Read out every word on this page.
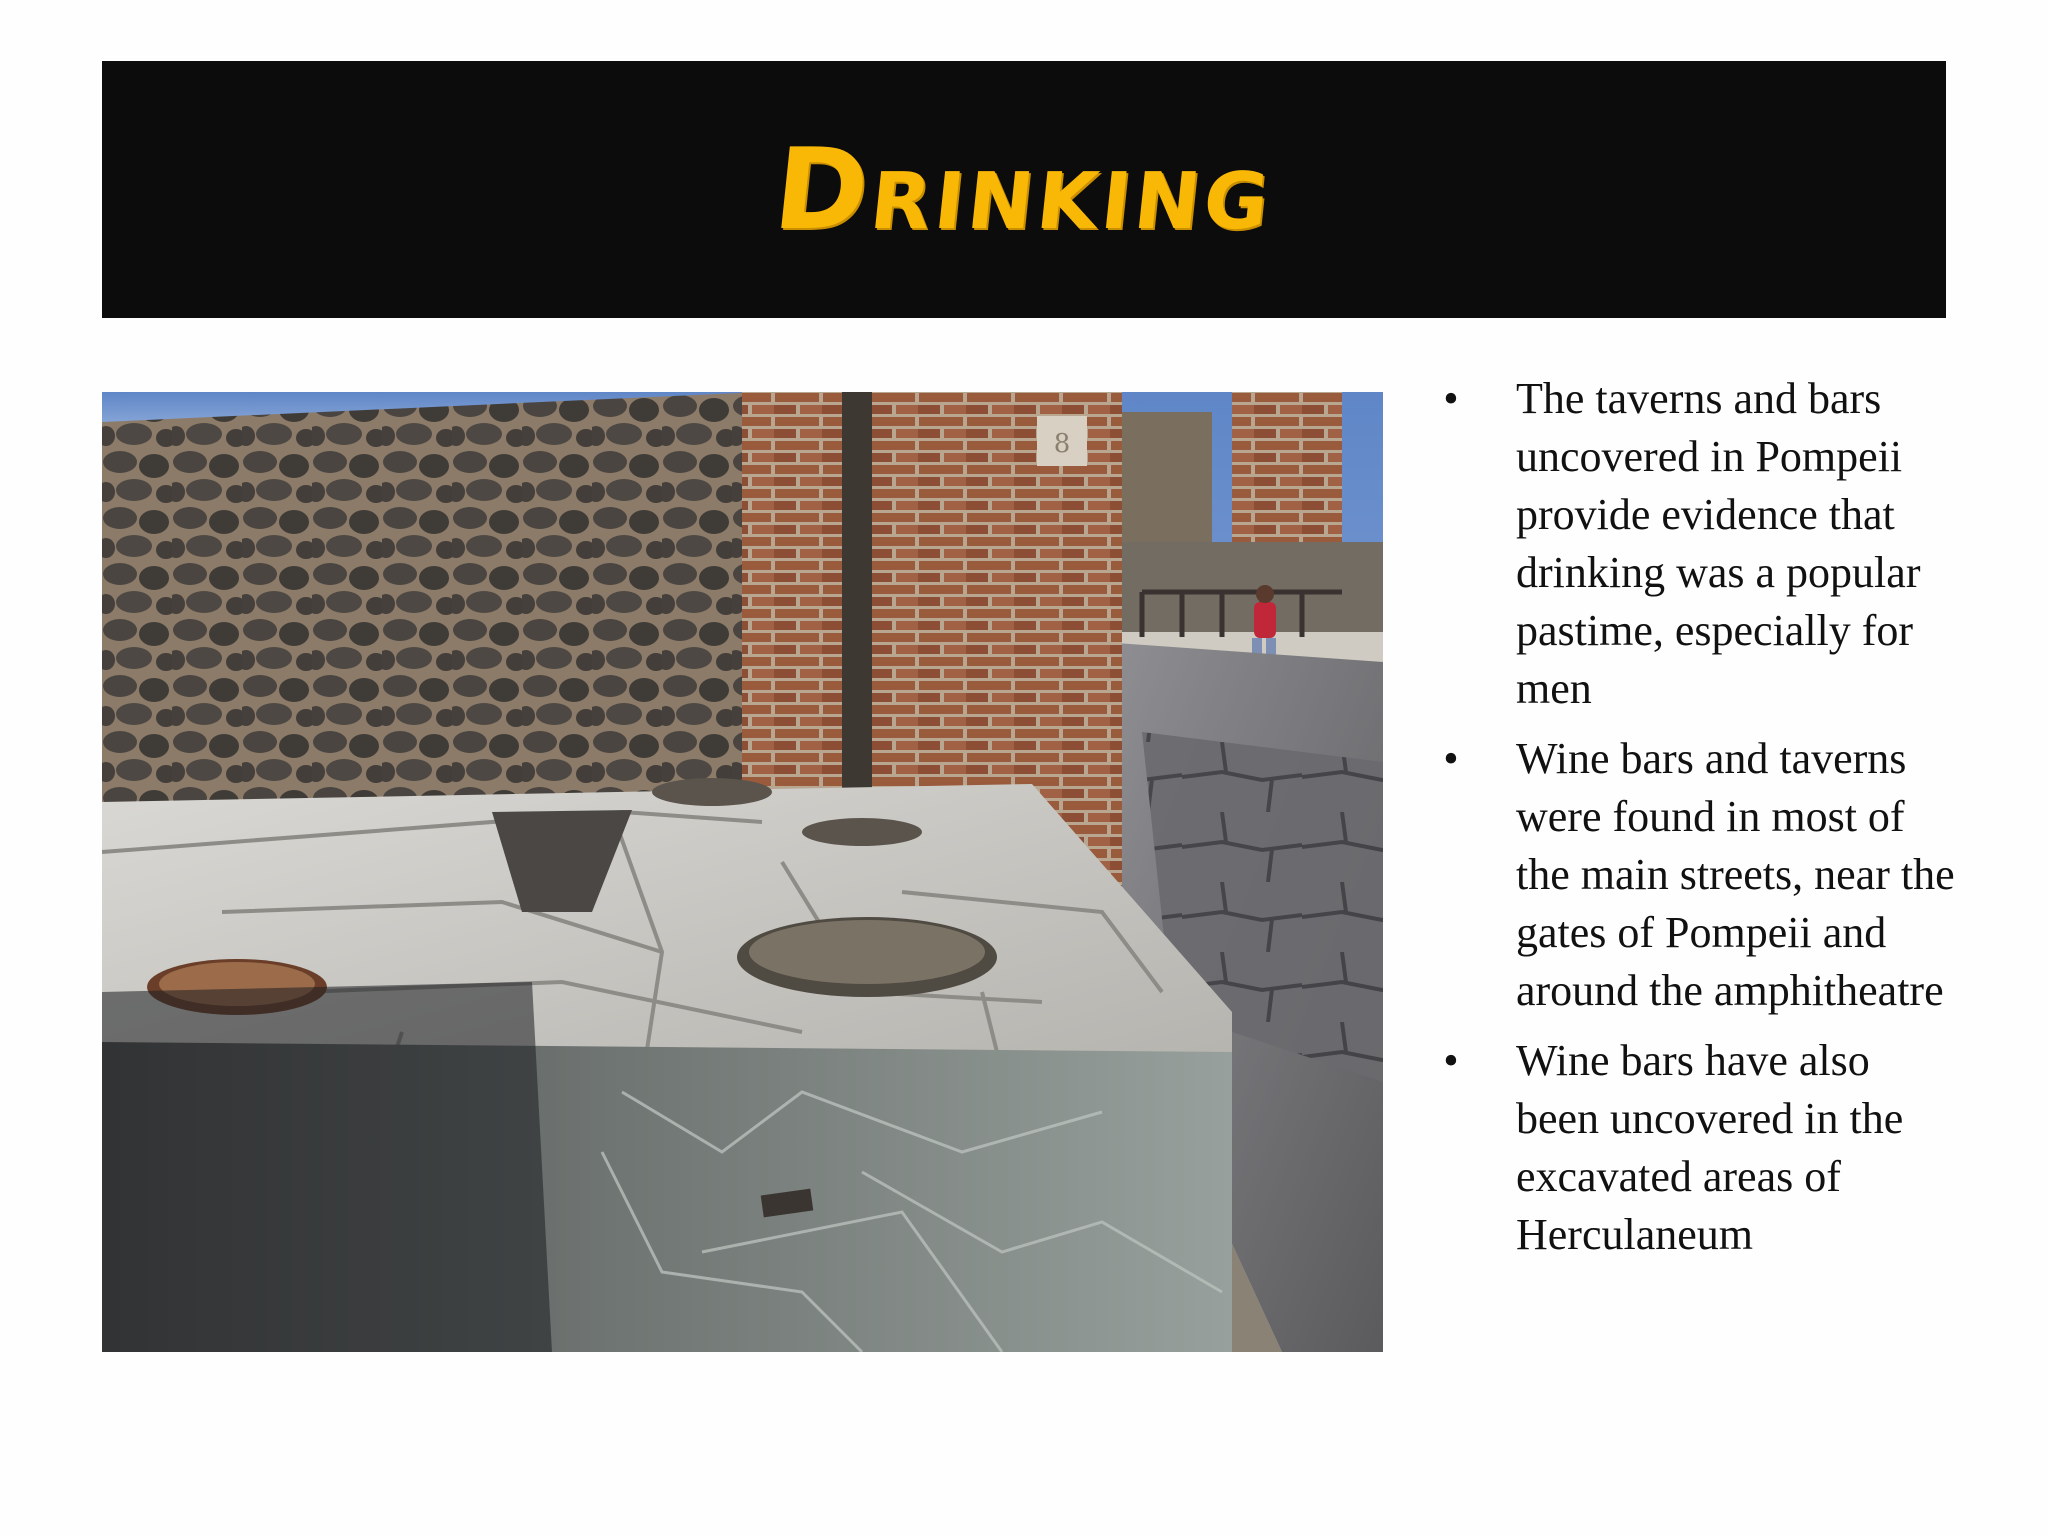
Drinking
8
• The taverns and bars uncovered in Pompeii provide evidence that drinking was a popular pastime, especially for men
• Wine bars and taverns were found in most of the main streets, near the gates of Pompeii and around the amphitheatre
• Wine bars have also been uncovered in the excavated areas of Herculaneum
